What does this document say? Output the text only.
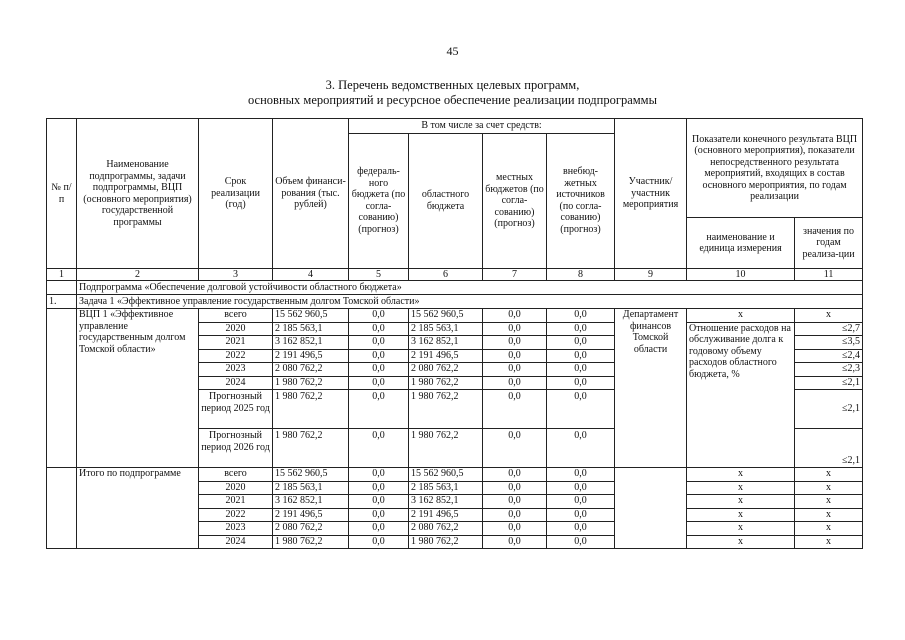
45
3. Перечень ведомственных целевых программ,
основных мероприятий и ресурсное обеспечение реализации подпрограммы
№ п/п	Наименование подпрограммы, задачи подпрограммы, ВЦП (основного мероприятия) государственной программы	Срок реализации (год)	Объем финанси-рования (тыс. рублей)	В том числе за счет средств:				Участник/ участник мероприятия	Показатели конечного результата ВЦП (основного мероприятия), показатели непосредственного результата мероприятий, входящих в состав основного мероприятия, по годам реализации	
				федераль-ного бюджета (по согла-сованию) (прогноз)	областного бюджета	местных бюджетов (по согла-сованию) (прогноз)	внебюд-жетных источников (по согла-сованию) (прогноз)			
									наименование и единица измерения	значения по годам реализа-ции
1	2	3	4	5	6	7	8	9	10	11
	Подпрограмма «Обеспечение долговой устойчивости областного бюджета»									
1.	Задача 1 «Эффективное управление государственным долгом Томской области»									
	ВЦП 1 «Эффективное управление государственным долгом Томской области»	всего	15 562 960,5	0,0	15 562 960,5	0,0	0,0	Департамент финансов Томской области	х	х
		2020	2 185 563,1	0,0	2 185 563,1	0,0	0,0		Отношение расходов на обслуживание долга к годовому объему расходов областного бюджета, %	≤2,7
		2021	3 162 852,1	0,0	3 162 852,1	0,0	0,0			≤3,5
		2022	2 191 496,5	0,0	2 191 496,5	0,0	0,0			≤2,4
		2023	2 080 762,2	0,0	2 080 762,2	0,0	0,0			≤2,3
		2024	1 980 762,2	0,0	1 980 762,2	0,0	0,0			≤2,1
		Прогнозный период 2025 год	1 980 762,2	0,0	1 980 762,2	0,0	0,0			≤2,1
		Прогнозный период 2026 год	1 980 762,2	0,0	1 980 762,2	0,0	0,0			≤2,1
	Итого по подпрограмме	всего	15 562 960,5	0,0	15 562 960,5	0,0	0,0		х	х
		2020	2 185 563,1	0,0	2 185 563,1	0,0	0,0		х	х
		2021	3 162 852,1	0,0	3 162 852,1	0,0	0,0		х	х
		2022	2 191 496,5	0,0	2 191 496,5	0,0	0,0		х	х
		2023	2 080 762,2	0,0	2 080 762,2	0,0	0,0		х	х
		2024	1 980 762,2	0,0	1 980 762,2	0,0	0,0		х	х
